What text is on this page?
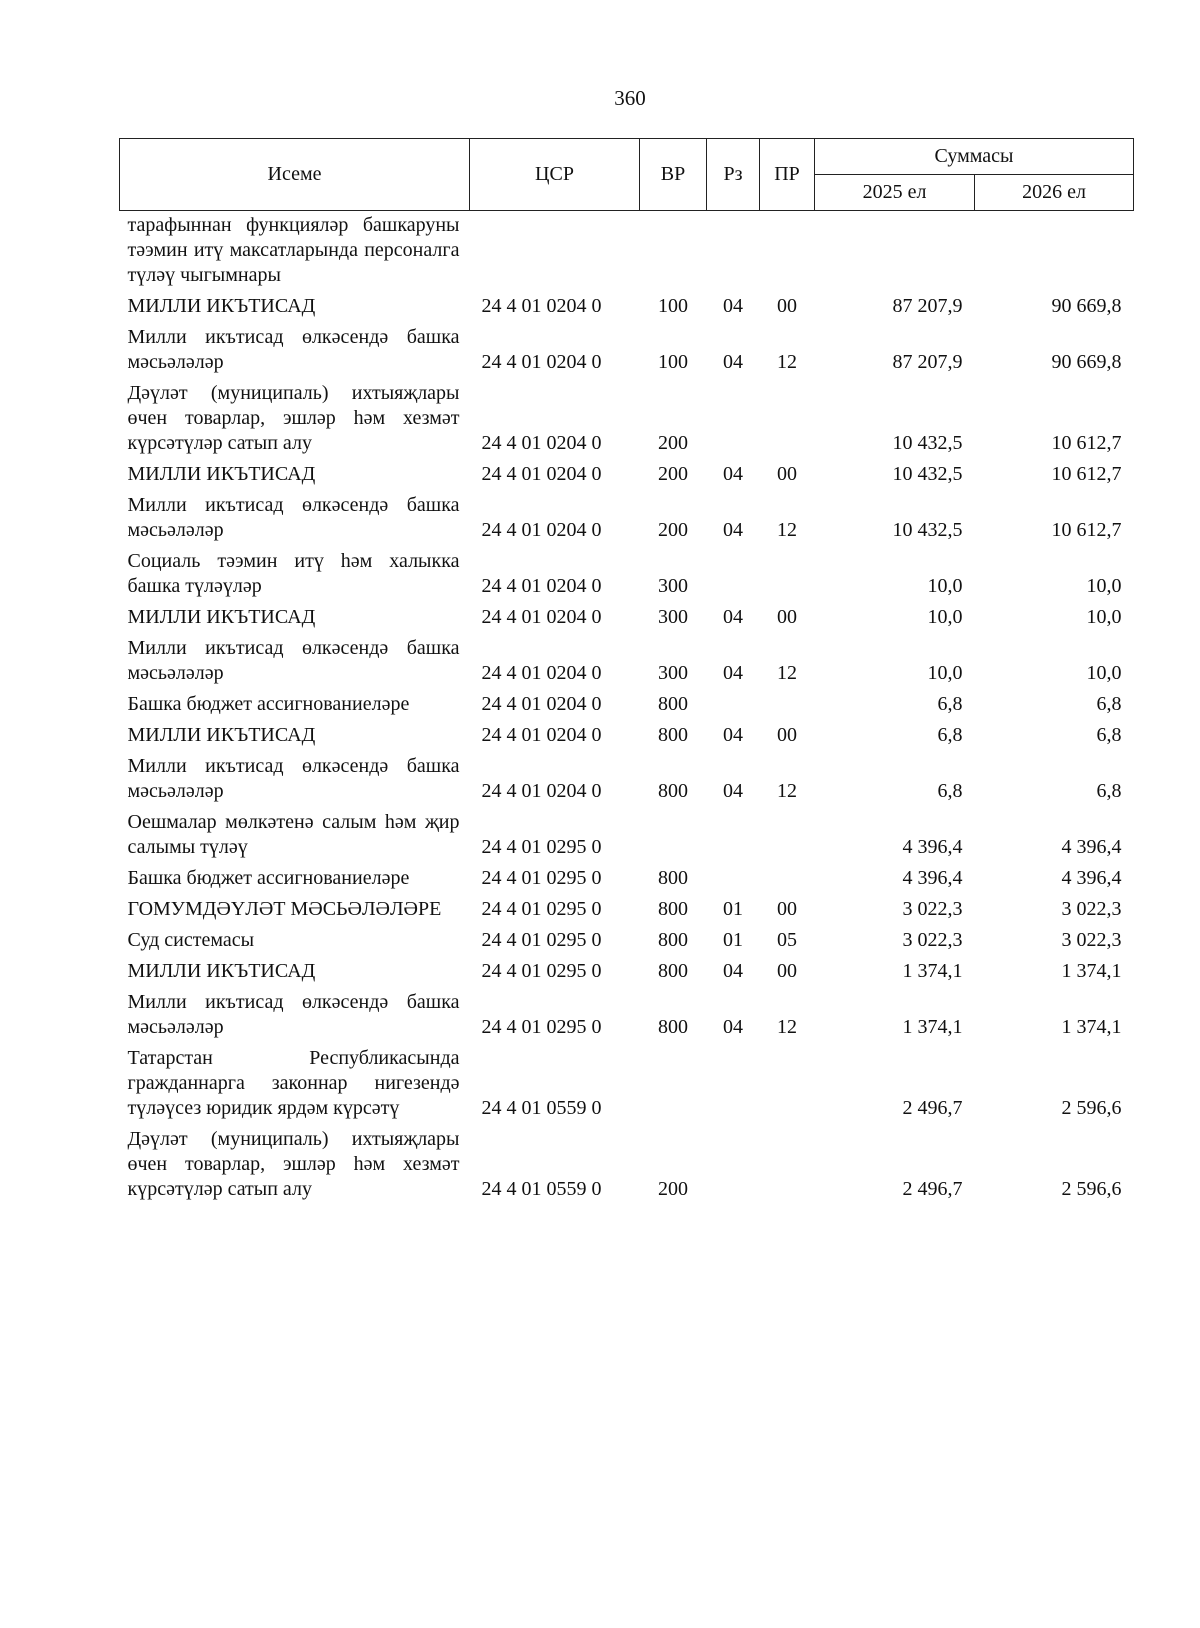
360
Исеме	ЦСР	ВР	Рз	ПР	Суммасы	
					2025 ел	2026 ел
тарафыннан функцияләр башкаруны тәэмин итү максатларында персоналга түләү чыгымнары						
МИЛЛИ ИКЪТИСАД	24 4 01 0204 0	100	04	00	87 207,9	90 669,8
Милли икътисад өлкәсендә башка мәсьәләләр	24 4 01 0204 0	100	04	12	87 207,9	90 669,8
Дәүләт (муниципаль) ихтыяҗлары өчен товарлар, эшләр һәм хезмәт күрсәтүләр сатып алу	24 4 01 0204 0	200			10 432,5	10 612,7
МИЛЛИ ИКЪТИСАД	24 4 01 0204 0	200	04	00	10 432,5	10 612,7
Милли икътисад өлкәсендә башка мәсьәләләр	24 4 01 0204 0	200	04	12	10 432,5	10 612,7
Социаль тәэмин итү һәм халыкка башка түләүләр	24 4 01 0204 0	300			10,0	10,0
МИЛЛИ ИКЪТИСАД	24 4 01 0204 0	300	04	00	10,0	10,0
Милли икътисад өлкәсендә башка мәсьәләләр	24 4 01 0204 0	300	04	12	10,0	10,0
Башка бюджет ассигнованиеләре	24 4 01 0204 0	800			6,8	6,8
МИЛЛИ ИКЪТИСАД	24 4 01 0204 0	800	04	00	6,8	6,8
Милли икътисад өлкәсендә башка мәсьәләләр	24 4 01 0204 0	800	04	12	6,8	6,8
Оешмалар мөлкәтенә салым һәм җир салымы түләү	24 4 01 0295 0				4 396,4	4 396,4
Башка бюджет ассигнованиеләре	24 4 01 0295 0	800			4 396,4	4 396,4
ГОМУМДӘҮЛӘТ МӘСЬӘЛӘЛӘРЕ	24 4 01 0295 0	800	01	00	3 022,3	3 022,3
Суд системасы	24 4 01 0295 0	800	01	05	3 022,3	3 022,3
МИЛЛИ ИКЪТИСАД	24 4 01 0295 0	800	04	00	1 374,1	1 374,1
Милли икътисад өлкәсендә башка мәсьәләләр	24 4 01 0295 0	800	04	12	1 374,1	1 374,1
Татарстан Республикасында гражданнарга законнар нигезендә түләүсез юридик ярдәм күрсәтү	24 4 01 0559 0				2 496,7	2 596,6
Дәүләт (муниципаль) ихтыяҗлары өчен товарлар, эшләр һәм хезмәт күрсәтүләр сатып алу	24 4 01 0559 0	200			2 496,7	2 596,6
